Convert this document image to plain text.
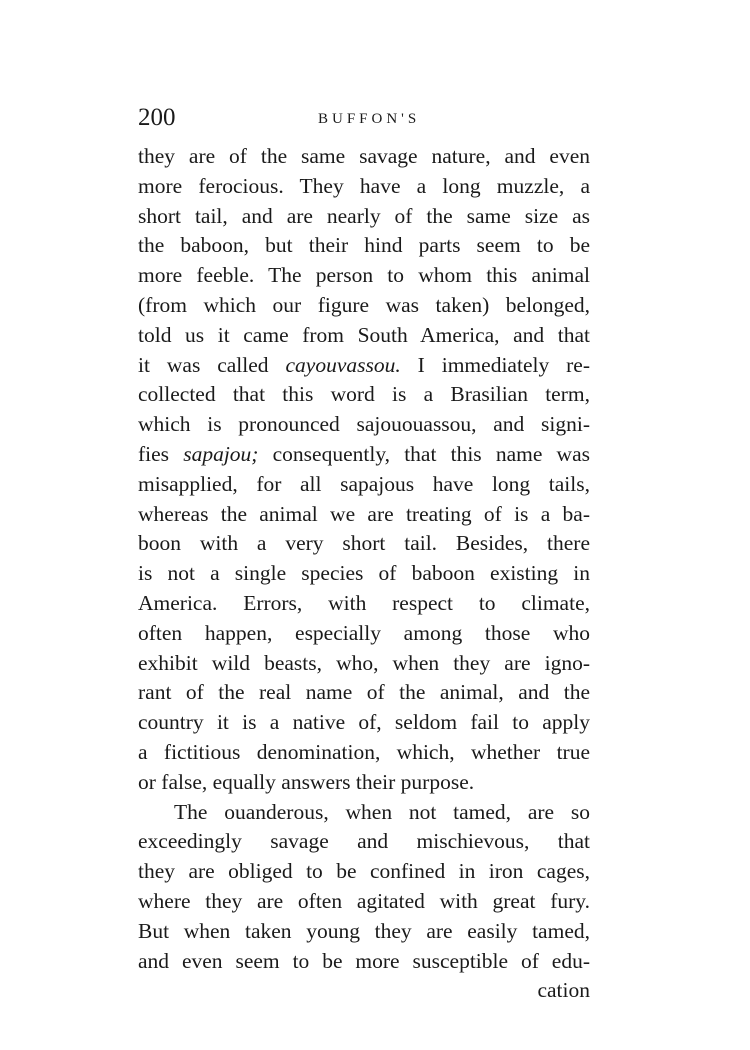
200	BUFFON'S
they are of the same savage nature, and even
more ferocious. They have a long muzzle, a
short tail, and are nearly of the same size as
the baboon, but their hind parts seem to be
more feeble. The person to whom this animal
(from which our figure was taken) belonged,
told us it came from South America, and that
it was called cayouvassou. I immediately re-
collected that this word is a Brasilian term,
which is pronounced sajououassou, and signi-
fies sapajou; consequently, that this name was
misapplied, for all sapajous have long tails,
whereas the animal we are treating of is a ba-
boon with a very short tail. Besides, there
is not a single species of baboon existing in
America. Errors, with respect to climate,
often happen, especially among those who
exhibit wild beasts, who, when they are igno-
rant of the real name of the animal, and the
country it is a native of, seldom fail to apply
a fictitious denomination, which, whether true
or false, equally answers their purpose.
The ouanderous, when not tamed, are so
exceedingly savage and mischievous, that
they are obliged to be confined in iron cages,
where they are often agitated with great fury.
But when taken young they are easily tamed,
and even seem to be more susceptible of edu-
cation
